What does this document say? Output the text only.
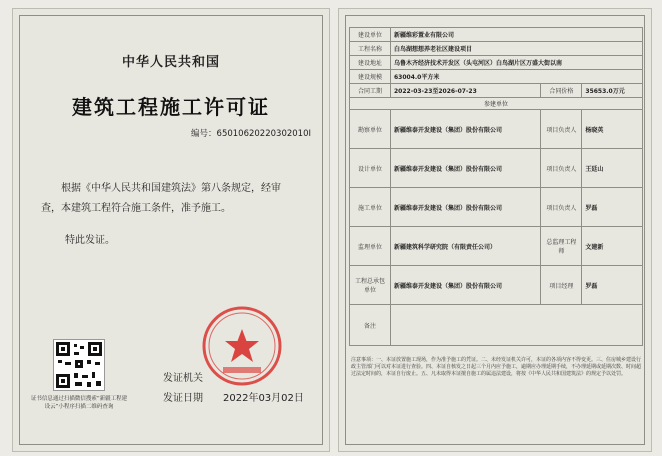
中华人民共和国
建筑工程施工许可证
编号：65010620220302010I
根据《中华人民共和国建筑法》第八条规定，经审查，本建筑工程符合施工条件，准予施工。
特此发证。
证书信息通过扫描微信搜索“新疆工程建设云”小程序扫描二维码查询
发证机关
发证日期 2022年03月02日
建设单位	新疆维彩置业有限公司		
工程名称	白鸟湖想想养老社区建设项目		
建设地址	乌鲁木齐经济技术开发区（头屯河区）白鸟湖片区万盛大街以南		
建设规模	63004.0平方米		
合同工期	2022-03-23至2026-07-23	合同价格	35653.0万元
参建单位			
勘察单位	新疆维泰开发建设（集团）股份有限公司	项目负责人	杨晓英
设计单位	新疆维泰开发建设（集团）股份有限公司	项目负责人	王廷山
施工单位	新疆维泰开发建设（集团）股份有限公司	项目负责人	罗磊
监理单位	新疆建筑科学研究院（有限责任公司）	总监理工程师	文建新
工程总承包单位	新疆维泰开发建设（集团）股份有限公司	项目经理	罗磊
备注			
注意事项：一、本证放置施工现场，作为准予施工的凭证。二、未经发证机关许可，本证的各项内容不得变更。三、住房城乡建设行政主管部门可以对本证进行查验。四、本证自核发之日起三个月内应予施工，逾期应办理延期手续，不办理延期或延期次数、时间超过法定时间的，本证自行废止。五、凡未取得本证擅自施工的属违法建设，将按《中华人民共和国建筑法》的规定予以处罚。
